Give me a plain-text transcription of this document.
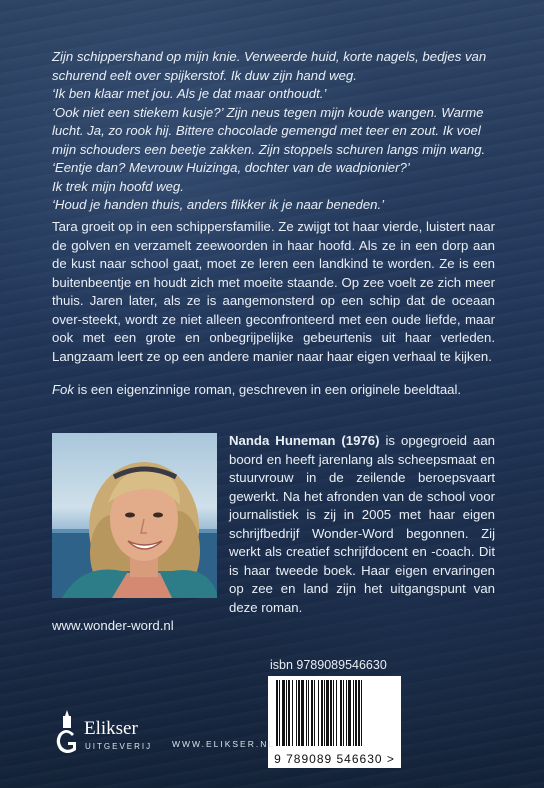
Zijn schippershand op mijn knie. Verweerde huid, korte nagels, bedjes van

schurend eelt over spijkerstof. Ik duw zijn hand weg.

‘Ik ben klaar met jou. Als je dat maar onthoudt.’

‘Ook niet een stiekem kusje?’ Zijn neus tegen mijn koude wangen. Warme

lucht. Ja, zo rook hij. Bittere chocolade gemengd met teer en zout. Ik voel

mijn schouders een beetje zakken. Zijn stoppels schuren langs mijn wang.

‘Eentje dan? Mevrouw Huizinga, dochter van de wadpionier?’

Ik trek mijn hoofd weg.

‘Houd je handen thuis, anders flikker ik je naar beneden.’

Tara groeit op in een schippersfamilie. Ze zwijgt tot haar vierde, luistert naar de golven en verzamelt zeewoorden in haar hoofd. Als ze in een dorp aan de kust naar school gaat, moet ze leren een landkind te worden. Ze is een buitenbeentje en houdt zich met moeite staande. Op zee voelt ze zich meer thuis. Jaren later, als ze is aangemonsterd op een schip dat de oceaan over-steekt, wordt ze niet alleen geconfronteerd met een oude liefde, maar ook met een grote en onbegrijpelijke gebeurtenis uit haar verleden. Langzaam leert ze op een andere manier naar haar eigen verhaal te kijken.

Fok is een eigenzinnige roman, geschreven in een originele beeldtaal.
Nanda Huneman (1976) is opgegroeid aan boord en heeft jarenlang als scheepsmaat en stuurvrouw in de zeilende beroepsvaart gewerkt. Na het afronden van de school voor journalistiek is zij in 2005 met haar eigen schrijfbedrijf Wonder-Word begonnen. Zij werkt als creatief schrijfdocent en -coach. Dit is haar tweede boek. Haar eigen ervaringen op zee en land zijn het uitgangspunt van deze roman.
www.wonder-word.nl
isbn 9789089546630
9 789089 546630 >
Elikser
UITGEVERIJ WWW.ELIKSER.NL
